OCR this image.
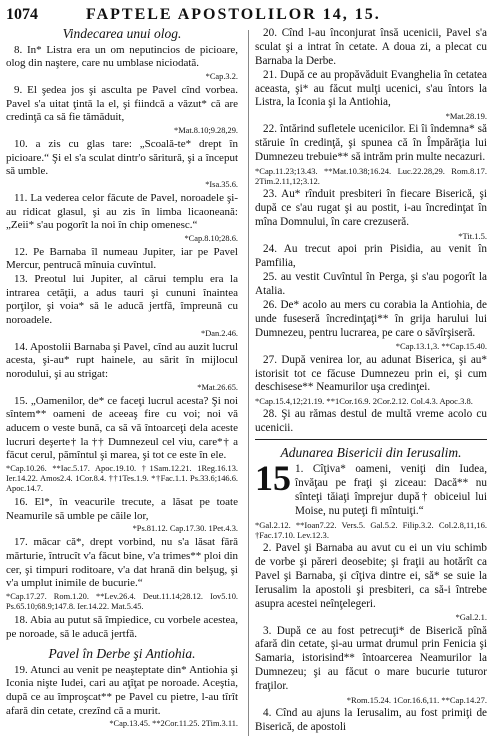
1074	FAPTELE APOSTOLILOR 14, 15.
Vindecarea unui olog.

8. In* Listra era un om neputincios de picioare, olog din naştere, care nu umblase niciodată.

*Cap.3.2.

9. El şedea jos şi asculta pe Pavel cînd vorbea. Pavel s'a uitat ţintă la el, şi fiindcă a văzut* că are credinţă ca să fie tămăduit,

*Mat.8.10;9.28,29.

10. a zis cu glas tare: „Scoală-te* drept în picioare.“ Şi el s'a sculat dintr'o săritură, şi a început să umble.

*Isa.35.6.

11. La vederea celor făcute de Pavel, noroadele şi-au ridicat glasul, şi au zis în limba licaoneană: „Zeii* s'au pogorît la noi în chip omenesc.“

*Cap.8.10;28.6.

12. Pe Barnaba îl numeau Jupiter, iar pe Pavel Mercur, pentrucă mînuia cuvîntul.

13. Preotul lui Jupiter, al cărui templu era la intrarea cetăţii, a adus tauri şi cununi înaintea porţilor, şi voia* să le aducă jertfă, împreună cu noroadele.

*Dan.2.46.

14. Apostolii Barnaba şi Pavel, cînd au auzit lucrul acesta, şi-au* rupt hainele, au sărit în mijlocul norodului, şi au strigat:

*Mat.26.65.

15. „Oamenilor, de* ce faceţi lucrul acesta? Şi noi sîntem** oameni de aceeaş fire cu voi; noi vă aducem o veste bună, ca să vă întoarceţi dela aceste lucruri deşerte† la †† Dumnezeul cel viu, care*† a făcut cerul, pămîntul şi marea, şi tot ce este în ele.

*Cap.10.26. **Iac.5.17. Apoc.19.10. †1Sam.12.21. 1Reg.16.13. Ier.14.22. Amos2.4. 1Cor.8.4. ††1Tes.1.9. *†Fac.1.1. Ps.33.6;146.6. Apoc.14.7.

16. El*, în veacurile trecute, a lăsat pe toate Neamurile să umble pe căile lor,

*Ps.81.12. Cap.17.30. 1Pet.4.3.

17. măcar că*, drept vorbind, nu s'a lăsat fără mărturie, întrucît v'a făcut bine, v'a trimes** ploi din cer, şi timpuri roditoare, v'a dat hrană din belşug, şi v'a umplut inimile de bucurie.“

*Cap.17.27. Rom.1.20. **Lev.26.4. Deut.11.14;28.12. Iov5.10. Ps.65.10;68.9;147.8. Ier.14.22. Mat.5.45.

18. Abia au putut să împiedice, cu vorbele acestea, pe noroade, să le aducă jertfă.

Pavel în Derbe şi Antiohia.

19. Atunci au venit pe neaşteptate din* Antiohia şi Iconia nişte Iudei, cari au aţîţat pe noroade. Aceştia, după ce au împroşcat** pe Pavel cu pietre, l-au tîrît afară din cetate, crezînd că a murit.

*Cap.13.45. **2Cor.11.25. 2Tim.3.11.

20. Cînd l-au înconjurat însă ucenicii, Pavel s'a sculat şi a intrat în cetate. A doua zi, a plecat cu Barnaba la Derbe.

21. După ce au propăvăduit Evanghelia în cetatea aceasta, şi* au făcut mulţi ucenici, s'au întors la Listra, la Iconia şi la Antiohia,

*Mat.28.19.

22. întărind sufletele ucenicilor. Ei îi îndemna* să stăruie în credinţă, şi spunea că în Împărăţia lui Dumnezeu trebuie** să intrăm prin multe necazuri.

*Cap.11.23;13.43. **Mat.10.38;16.24. Luc.22.28,29. Rom.8.17. 2Tim.2.11,12;3.12.

23. Au* rînduit presbiteri în fiecare Biserică, şi după ce s'au rugat şi au postit, i-au încredinţat în mîna Domnului, în care crezuseră.

*Tit.1.5.

24. Au trecut apoi prin Pisidia, au venit în Pamfilia,

25. au vestit Cuvîntul în Perga, şi s'au pogorît la Atalia.

26. De* acolo au mers cu corabia la Antiohia, de unde fuseseră încredinţaţi** în grija harului lui Dumnezeu, pentru lucrarea, pe care o săvîrşiseră.

*Cap.13.1,3. **Cap.15.40.

27. După venirea lor, au adunat Biserica, şi au* istorisit tot ce făcuse Dumnezeu prin ei, şi cum deschisese** Neamurilor uşa credinţei.

*Cap.15.4,12;21.19. **1Cor.16.9. 2Cor.2.12. Col.4.3. Apoc.3.8.

28. Şi au rămas destul de multă vreme acolo cu ucenicii.

Adunarea Bisericii din Ierusalim.
15 1. Cîţiva* oameni, veniţi din Iudea, învăţau pe fraţi şi ziceau: Dacă** nu sînteţi tăiaţi împrejur după† obiceiul lui Moise, nu puteţi fi mîntuiţi.“
*Gal.2.12. **Ioan7.22. Vers.5. Gal.5.2. Filip.3.2. Col.2.8,11,16. †Fac.17.10. Lev.12.3.

2. Pavel şi Barnaba au avut cu ei un viu schimb de vorbe şi păreri deosebite; şi fraţii au hotărît ca Pavel şi Barnaba, şi cîţiva dintre ei, să* se suie la Ierusalim la apostoli şi presbiteri, ca să-i întrebe asupra acestei neînţelegeri.

*Gal.2.1.

3. După ce au fost petrecuţi* de Biserică pînă afară din cetate, şi-au urmat drumul prin Fenicia şi Samaria, istorisind** întoarcerea Neamurilor la Dumnezeu; şi au făcut o mare bucurie tuturor fraţilor.

*Rom.15.24. 1Cor.16.6,11. **Cap.14.27.

4. Cînd au ajuns la Ierusalim, au fost primiţi de Biserică, de apostoli
